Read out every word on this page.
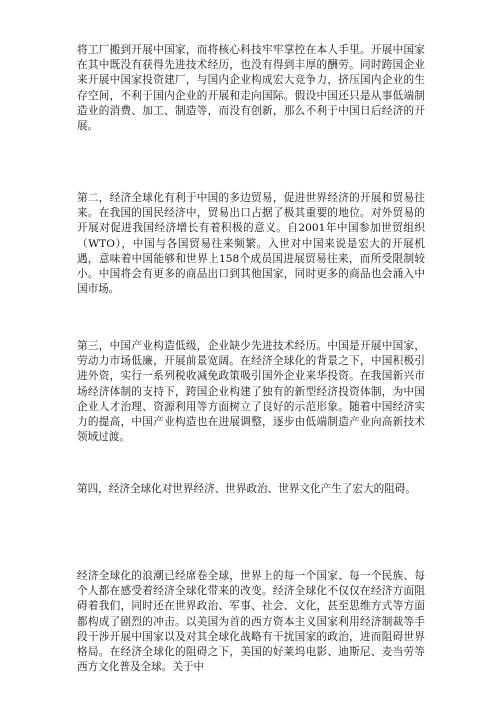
将工厂搬到开展中国家，而将核心科技牢牢掌控在本人手里。开展中国家在其中既没有获得先进技术经历，也没有得到丰厚的酬劳。同时跨国企业来开展中国家投资建厂，与国内企业构成宏大竞争力，挤压国内企业的生存空间，不利于国内企业的开展和走向国际。假设中国还只是从事低端制造业的消费、加工、制造等，而没有创新，那么不利于中国日后经济的开展。

第二，经济全球化有利于中国的多边贸易，促进世界经济的开展和贸易往来。在我国的国民经济中，贸易出口占据了极其重要的地位。对外贸易的开展对促进我国经济增长有着积极的意义。自2001年中国参加世贸组织（WTO），中国与各国贸易往来频繁。入世对中国来说是宏大的开展机遇，意味着中国能够和世界上158个成员国进展贸易往来，而所受限制较小。中国将会有更多的商品出口到其他国家，同时更多的商品也会涌入中国市场。

第三，中国产业构造低级，企业缺少先进技术经历。中国是开展中国家，劳动力市场低廉，开展前景宽阔。在经济全球化的背景之下，中国积极引进外资，实行一系列税收减免政策吸引国外企业来华投资。在我国新兴市场经济体制的支持下，跨国企业构建了独有的新型经济投资体制，为中国企业人才治理、资源利用等方面树立了良好的示范形象。随着中国经济实力的提高，中国产业构造也在进展调整，逐步由低端制造产业向高新技术领域过渡。

第四，经济全球化对世界经济、世界政治、世界文化产生了宏大的阻碍。

经济全球化的浪潮已经席卷全球，世界上的每一个国家、每一个民族、每个人都在感受着经济全球化带来的改变。经济全球化不仅仅在经济方面阻碍着我们，同时还在世界政治、军事、社会、文化，甚至思维方式等方面都构成了剧烈的冲击。以美国为首的西方资本主义国家利用经济制裁等手段干涉开展中国家以及对其全球化战略有干扰国家的政治，进而阻碍世界格局。在经济全球化的阻碍之下，美国的好莱坞电影、迪斯尼、麦当劳等西方文化普及全球。关于中
